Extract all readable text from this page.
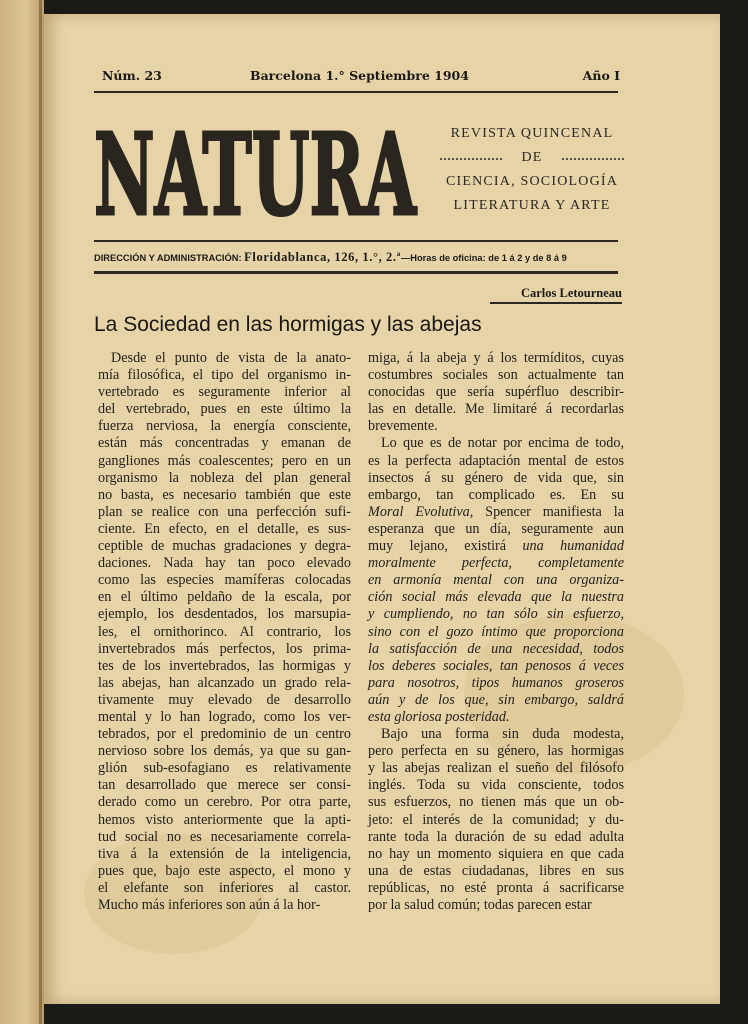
Núm. 23	Barcelona 1.° Septiembre 1904	Año I
NATURA	REVISTA QUINCENAL
DE
CIENCIA, SOCIOLOGÍA
LITERATURA Y ARTE
DIRECCIÓN Y ADMINISTRACIÓN: Floridablanca, 126, 1.°, 2.ª—Horas de oficina: de 1 á 2 y de 8 á 9
Carlos Letourneau
La Sociedad en las hormigas y las abejas
Desde el punto de vista de la anato-
mía filosófica, el tipo del organismo in-
vertebrado es seguramente inferior al
del vertebrado, pues en este último la
fuerza nerviosa, la energía consciente,
están más concentradas y emanan de
gangliones más coalescentes; pero en un
organismo la nobleza del plan general
no basta, es necesario también que este
plan se realice con una perfección sufi-
ciente. En efecto, en el detalle, es sus-
ceptible de muchas gradaciones y degra-
daciones. Nada hay tan poco elevado
como las especies mamíferas colocadas
en el último peldaño de la escala, por
ejemplo, los desdentados, los marsupia-
les, el ornithorinco. Al contrario, los
invertebrados más perfectos, los prima-
tes de los invertebrados, las hormigas y
las abejas, han alcanzado un grado rela-
tivamente muy elevado de desarrollo
mental y lo han logrado, como los ver-
tebrados, por el predominio de un centro
nervioso sobre los demás, ya que su gan-
glión sub-esofagiano es relativamente
tan desarrollado que merece ser consi-
derado como un cerebro. Por otra parte,
hemos visto anteriormente que la apti-
tud social no es necesariamente correla-
tiva á la extensión de la inteligencia,
pues que, bajo este aspecto, el mono y
el elefante son inferiores al castor.
Mucho más inferiores son aún á la hor-
miga, á la abeja y á los termíditos, cuyas
costumbres sociales son actualmente tan
conocidas que sería supérfluo describir-
las en detalle. Me limitaré á recordarlas
brevemente.
Lo que es de notar por encima de todo,
es la perfecta adaptación mental de estos
insectos á su género de vida que, sin
embargo, tan complicado es. En su
Moral Evolutiva, Spencer manifiesta la
esperanza que un día, seguramente aun
muy lejano, existirá una humanidad
moralmente perfecta, completamente
en armonía mental con una organiza-
ción social más elevada que la nuestra
y cumpliendo, no tan sólo sin esfuerzo,
sino con el gozo íntimo que proporciona
la satisfacción de una necesidad, todos
los deberes sociales, tan penosos á veces
para nosotros, tipos humanos groseros
aún y de los que, sin embargo, saldrá
esta gloriosa posteridad.
Bajo una forma sin duda modesta,
pero perfecta en su género, las hormigas
y las abejas realizan el sueño del filósofo
inglés. Toda su vida consciente, todos
sus esfuerzos, no tienen más que un ob-
jeto: el interés de la comunidad; y du-
rante toda la duración de su edad adulta
no hay un momento siquiera en que cada
una de estas ciudadanas, libres en sus
repúblicas, no esté pronta á sacrificarse
por la salud común; todas parecen estar
